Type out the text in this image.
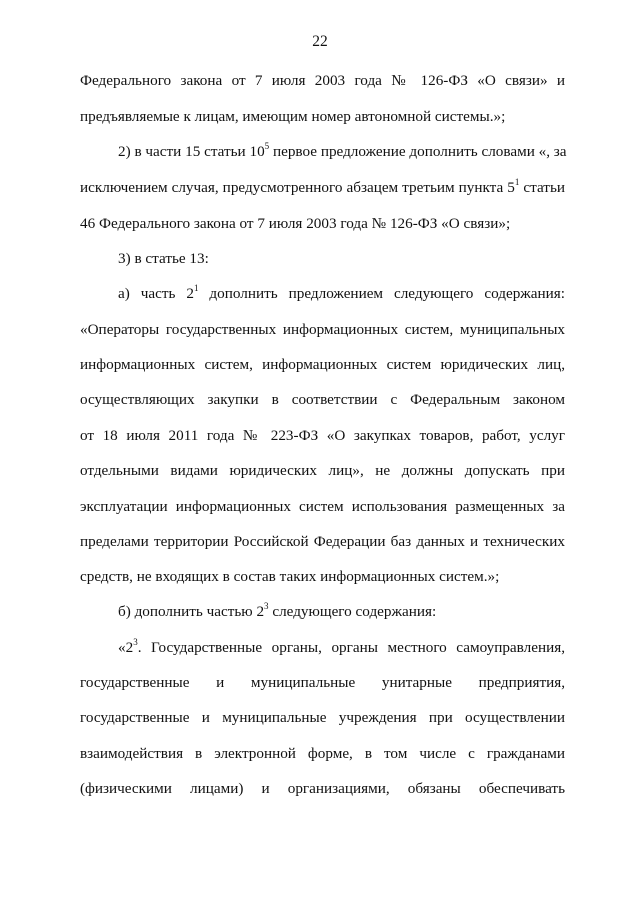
22
Федерального закона от 7 июля 2003 года № 126-ФЗ «О связи» и
предъявляемые к лицам, имеющим номер автономной системы.»;
2) в части 15 статьи $10^5$ первое предложение дополнить словами «, за
исключением случая, предусмотренного абзацем третьим пункта $5^1$ статьи
46 Федерального закона от 7 июля 2003 года № 126-ФЗ «О связи»;
3) в статье 13:
а) часть $2^1$ дополнить предложением следующего содержания:
«Операторы государственных информационных систем, муниципальных
информационных систем, информационных систем юридических лиц,
осуществляющих закупки в соответствии с Федеральным законом
от 18 июля 2011 года № 223-ФЗ «О закупках товаров, работ, услуг
отдельными видами юридических лиц», не должны допускать при
эксплуатации информационных систем использования размещенных за
пределами территории Российской Федерации баз данных и технических
средств, не входящих в состав таких информационных систем.»;
б) дополнить частью $2^3$ следующего содержания:
«$2^3$. Государственные органы, органы местного самоуправления,
государственные и муниципальные унитарные предприятия,
государственные и муниципальные учреждения при осуществлении
взаимодействия в электронной форме, в том числе с гражданами
(физическими лицами) и организациями, обязаны обеспечивать
